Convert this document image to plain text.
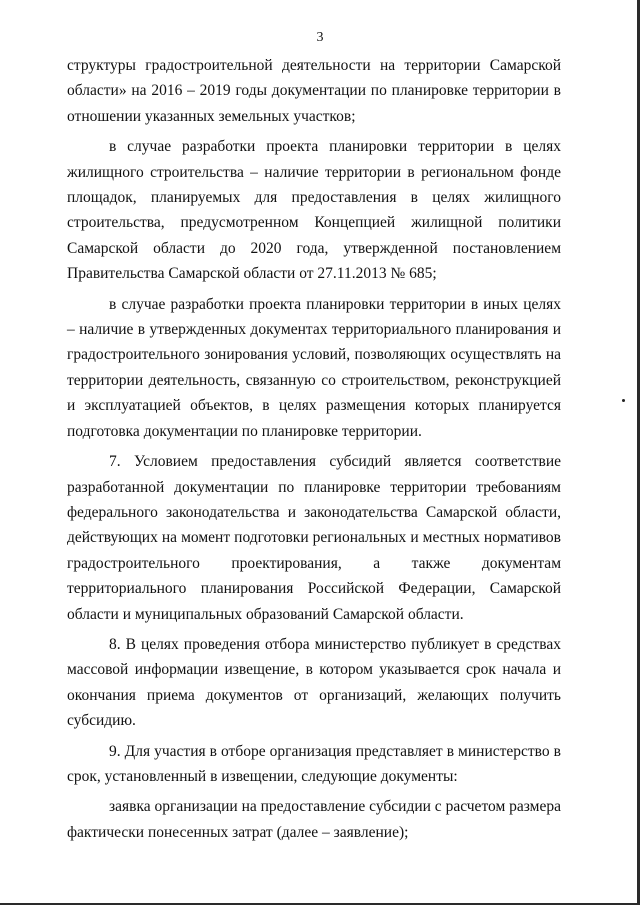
3

структуры градостроительной деятельности на территории Самарской области» на 2016 – 2019 годы документации по планировке территории в отношении указанных земельных участков;

в случае разработки проекта планировки территории в целях жилищного строительства – наличие территории в региональном фонде площадок, планируемых для предоставления в целях жилищного строительства, предусмотренном Концепцией жилищной политики Самарской области до 2020 года, утвержденной постановлением Правительства Самарской области от 27.11.2013 № 685;

в случае разработки проекта планировки территории в иных целях – наличие в утвержденных документах территориального планирования и градостроительного зонирования условий, позволяющих осуществлять на территории деятельность, связанную со строительством, реконструкцией и эксплуатацией объектов, в целях размещения которых планируется подготовка документации по планировке территории.

7. Условием предоставления субсидий является соответствие разработанной документации по планировке территории требованиям федерального законодательства и законодательства Самарской области, действующих на момент подготовки региональных и местных нормативов градостроительного проектирования, а также документам территориального планирования Российской Федерации, Самарской области и муниципальных образований Самарской области.

8. В целях проведения отбора министерство публикует в средствах массовой информации извещение, в котором указывается срок начала и окончания приема документов от организаций, желающих получить субсидию.

9. Для участия в отборе организация представляет в министерство в срок, установленный в извещении, следующие документы:

заявка организации на предоставление субсидии с расчетом размера фактически понесенных затрат (далее – заявление);
